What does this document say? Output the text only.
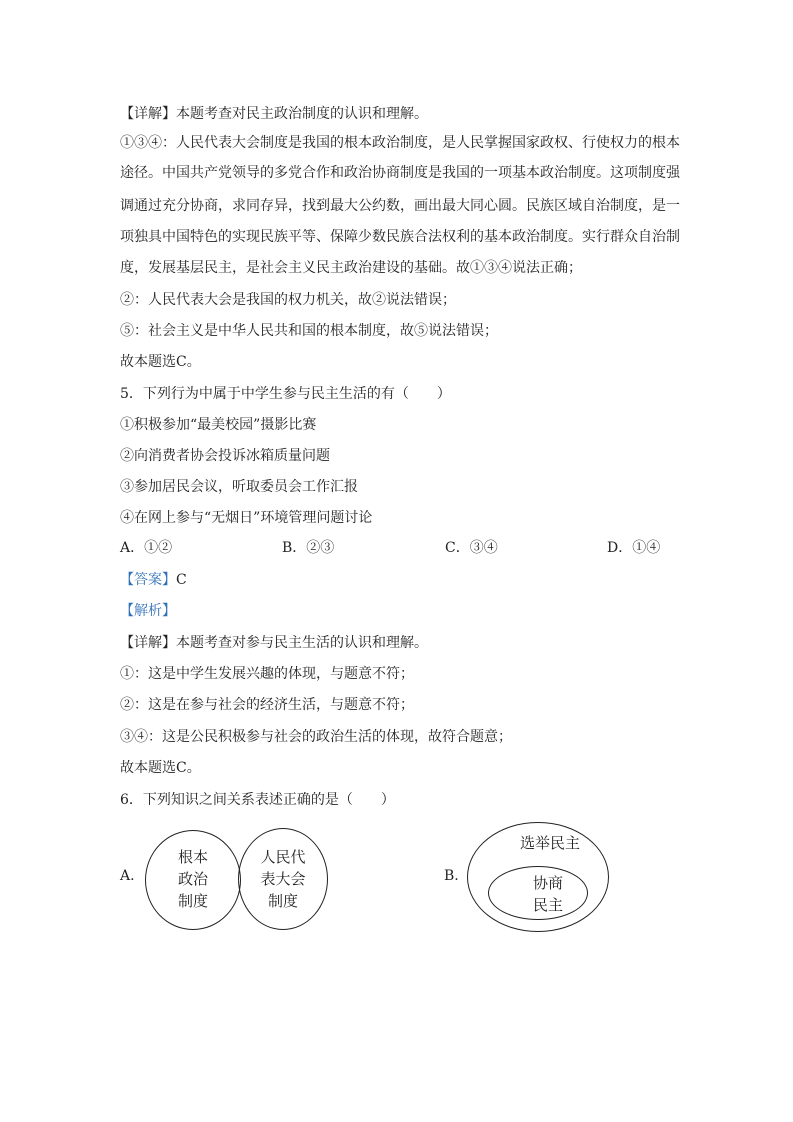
【详解】本题考查对民主政治制度的认识和理解。
①③④：人民代表大会制度是我国的根本政治制度，是人民掌握国家政权、行使权力的根本
途径。中国共产党领导的多党合作和政治协商制度是我国的一项基本政治制度。这项制度强
调通过充分协商，求同存异，找到最大公约数，画出最大同心圆。民族区域自治制度，是一
项独具中国特色的实现民族平等、保障少数民族合法权利的基本政治制度。实行群众自治制
度，发展基层民主，是社会主义民主政治建设的基础。故①③④说法正确；
②：人民代表大会是我国的权力机关，故②说法错误；
⑤：社会主义是中华人民共和国的根本制度，故⑤说法错误；
故本题选C。
5．下列行为中属于中学生参与民主生活的有（　　）
①积极参加“最美校园”摄影比赛
②向消费者协会投诉冰箱质量问题
③参加居民会议，听取委员会工作汇报
④在网上参与“无烟日”环境管理问题讨论
A．①②	B．②③	C．③④	D．①④
【答案】C
【解析】
【详解】本题考查对参与民主生活的认识和理解。
①：这是中学生发展兴趣的体现，与题意不符；
②：这是在参与社会的经济生活，与题意不符；
③④：这是公民积极参与社会的政治生活的体现，故符合题意；
故本题选C。
6．下列知识之间关系表述正确的是（　　）
A.
根本
政治
制度
人民代
表大会
制度
B.
选举民主
协商
民主
